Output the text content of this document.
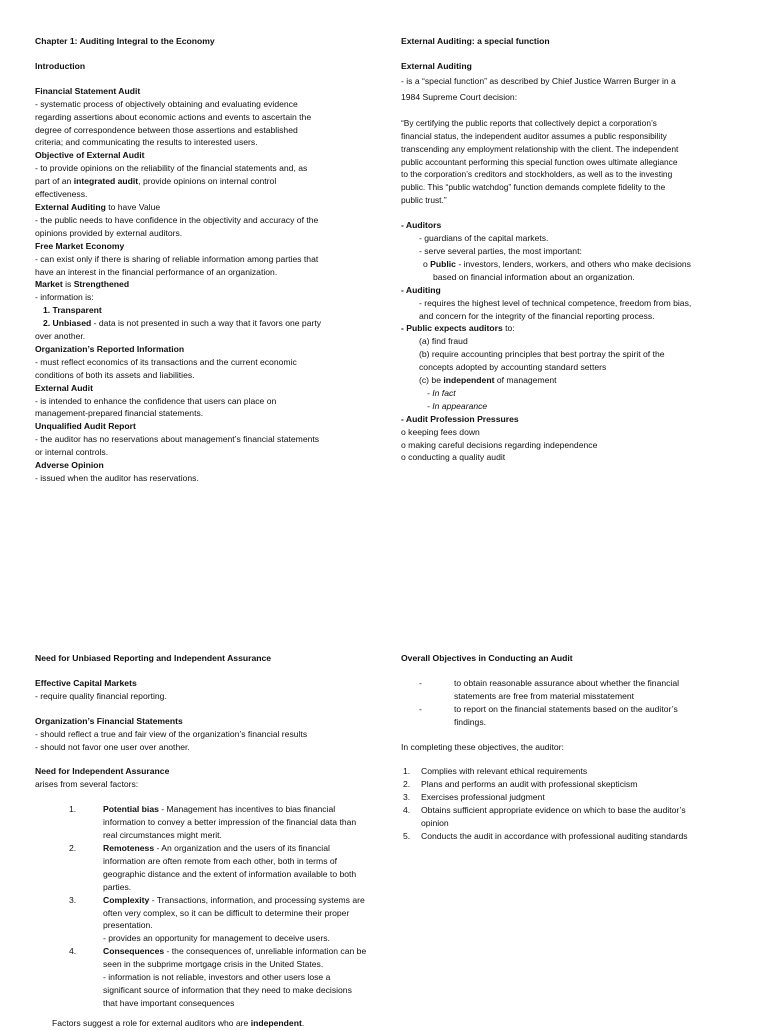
Chapter 1: Auditing Integral to the Economy

Introduction

Financial Statement Audit

- systematic process of objectively obtaining and evaluating evidence

regarding assertions about economic actions and events to ascertain the

degree of correspondence between those assertions and established

criteria; and communicating the results to interested users.

Objective of External Audit

- to provide opinions on the reliability of the financial statements and, as

part of an integrated audit, provide opinions on internal control

effectiveness.

External Auditing to have Value

- the public needs to have confidence in the objectivity and accuracy of the

opinions provided by external auditors.

Free Market Economy

- can exist only if there is sharing of reliable information among parties that

have an interest in the financial performance of an organization.

Market is Strengthened

- information is:

1. Transparent

2. Unbiased - data is not presented in such a way that it favors one party

over another.

Organization’s Reported Information

- must reflect economics of its transactions and the current economic

conditions of both its assets and liabilities.

External Audit

- is intended to enhance the confidence that users can place on

management-prepared financial statements.

Unqualified Audit Report

- the auditor has no reservations about management’s financial statements

or internal controls.

Adverse Opinion

- issued when the auditor has reservations.

External Auditing: a special function

External Auditing

- is a “special function” as described by Chief Justice Warren Burger in a

1984 Supreme Court decision:

“By certifying the public reports that collectively depict a corporation’s

financial status, the independent auditor assumes a public responsibility

transcending any employment relationship with the client. The independent

public accountant performing this special function owes ultimate allegiance

to the corporation’s creditors and stockholders, as well as to the investing

public. This “public watchdog” function demands complete fidelity to the

public trust.”

- Auditors

- guardians of the capital markets.

- serve several parties, the most important:

o Public - investors, lenders, workers, and others who make decisions

based on financial information about an organization.

- Auditing

- requires the highest level of technical competence, freedom from bias,

and concern for the integrity of the financial reporting process.

- Public expects auditors to:

(a) find fraud

(b) require accounting principles that best portray the spirit of the

concepts adopted by accounting standard setters

(c) be independent of management

- In fact

- In appearance

- Audit Profession Pressures

o keeping fees down

o making careful decisions regarding independence

o conducting a quality audit

Need for Unbiased Reporting and Independent Assurance

Effective Capital Markets

- require quality financial reporting.

Organization’s Financial Statements

- should reflect a true and fair view of the organization’s financial results

- should not favor one user over another.

Need for Independent Assurance

arises from several factors:

1.	Potential bias - Management has incentives to bias financial

information to convey a better impression of the financial data than

real circumstances might merit.

2.	Remoteness - An organization and the users of its financial

information are often remote from each other, both in terms of

geographic distance and the extent of information available to both

parties.

3.	Complexity - Transactions, information, and processing systems are

often very complex, so it can be difficult to determine their proper

presentation.

- provides an opportunity for management to deceive users.

4.	Consequences - the consequences of, unreliable information can be

seen in the subprime mortgage crisis in the United States.

- information is not reliable, investors and other users lose a

significant source of information that they need to make decisions

that have important consequences

Factors suggest a role for external auditors who are independent.

Overall Objectives in Conducting an Audit

-	to obtain reasonable assurance about whether the financial

statements are free from material misstatement

-	to report on the financial statements based on the auditor’s

findings.

In completing these objectives, the auditor:

1.	Complies with relevant ethical requirements

2.	Plans and performs an audit with professional skepticism

3.	Exercises professional judgment

4.	Obtains sufficient appropriate evidence on which to base the auditor’s

opinion

5.	Conducts the audit in accordance with professional auditing standards
